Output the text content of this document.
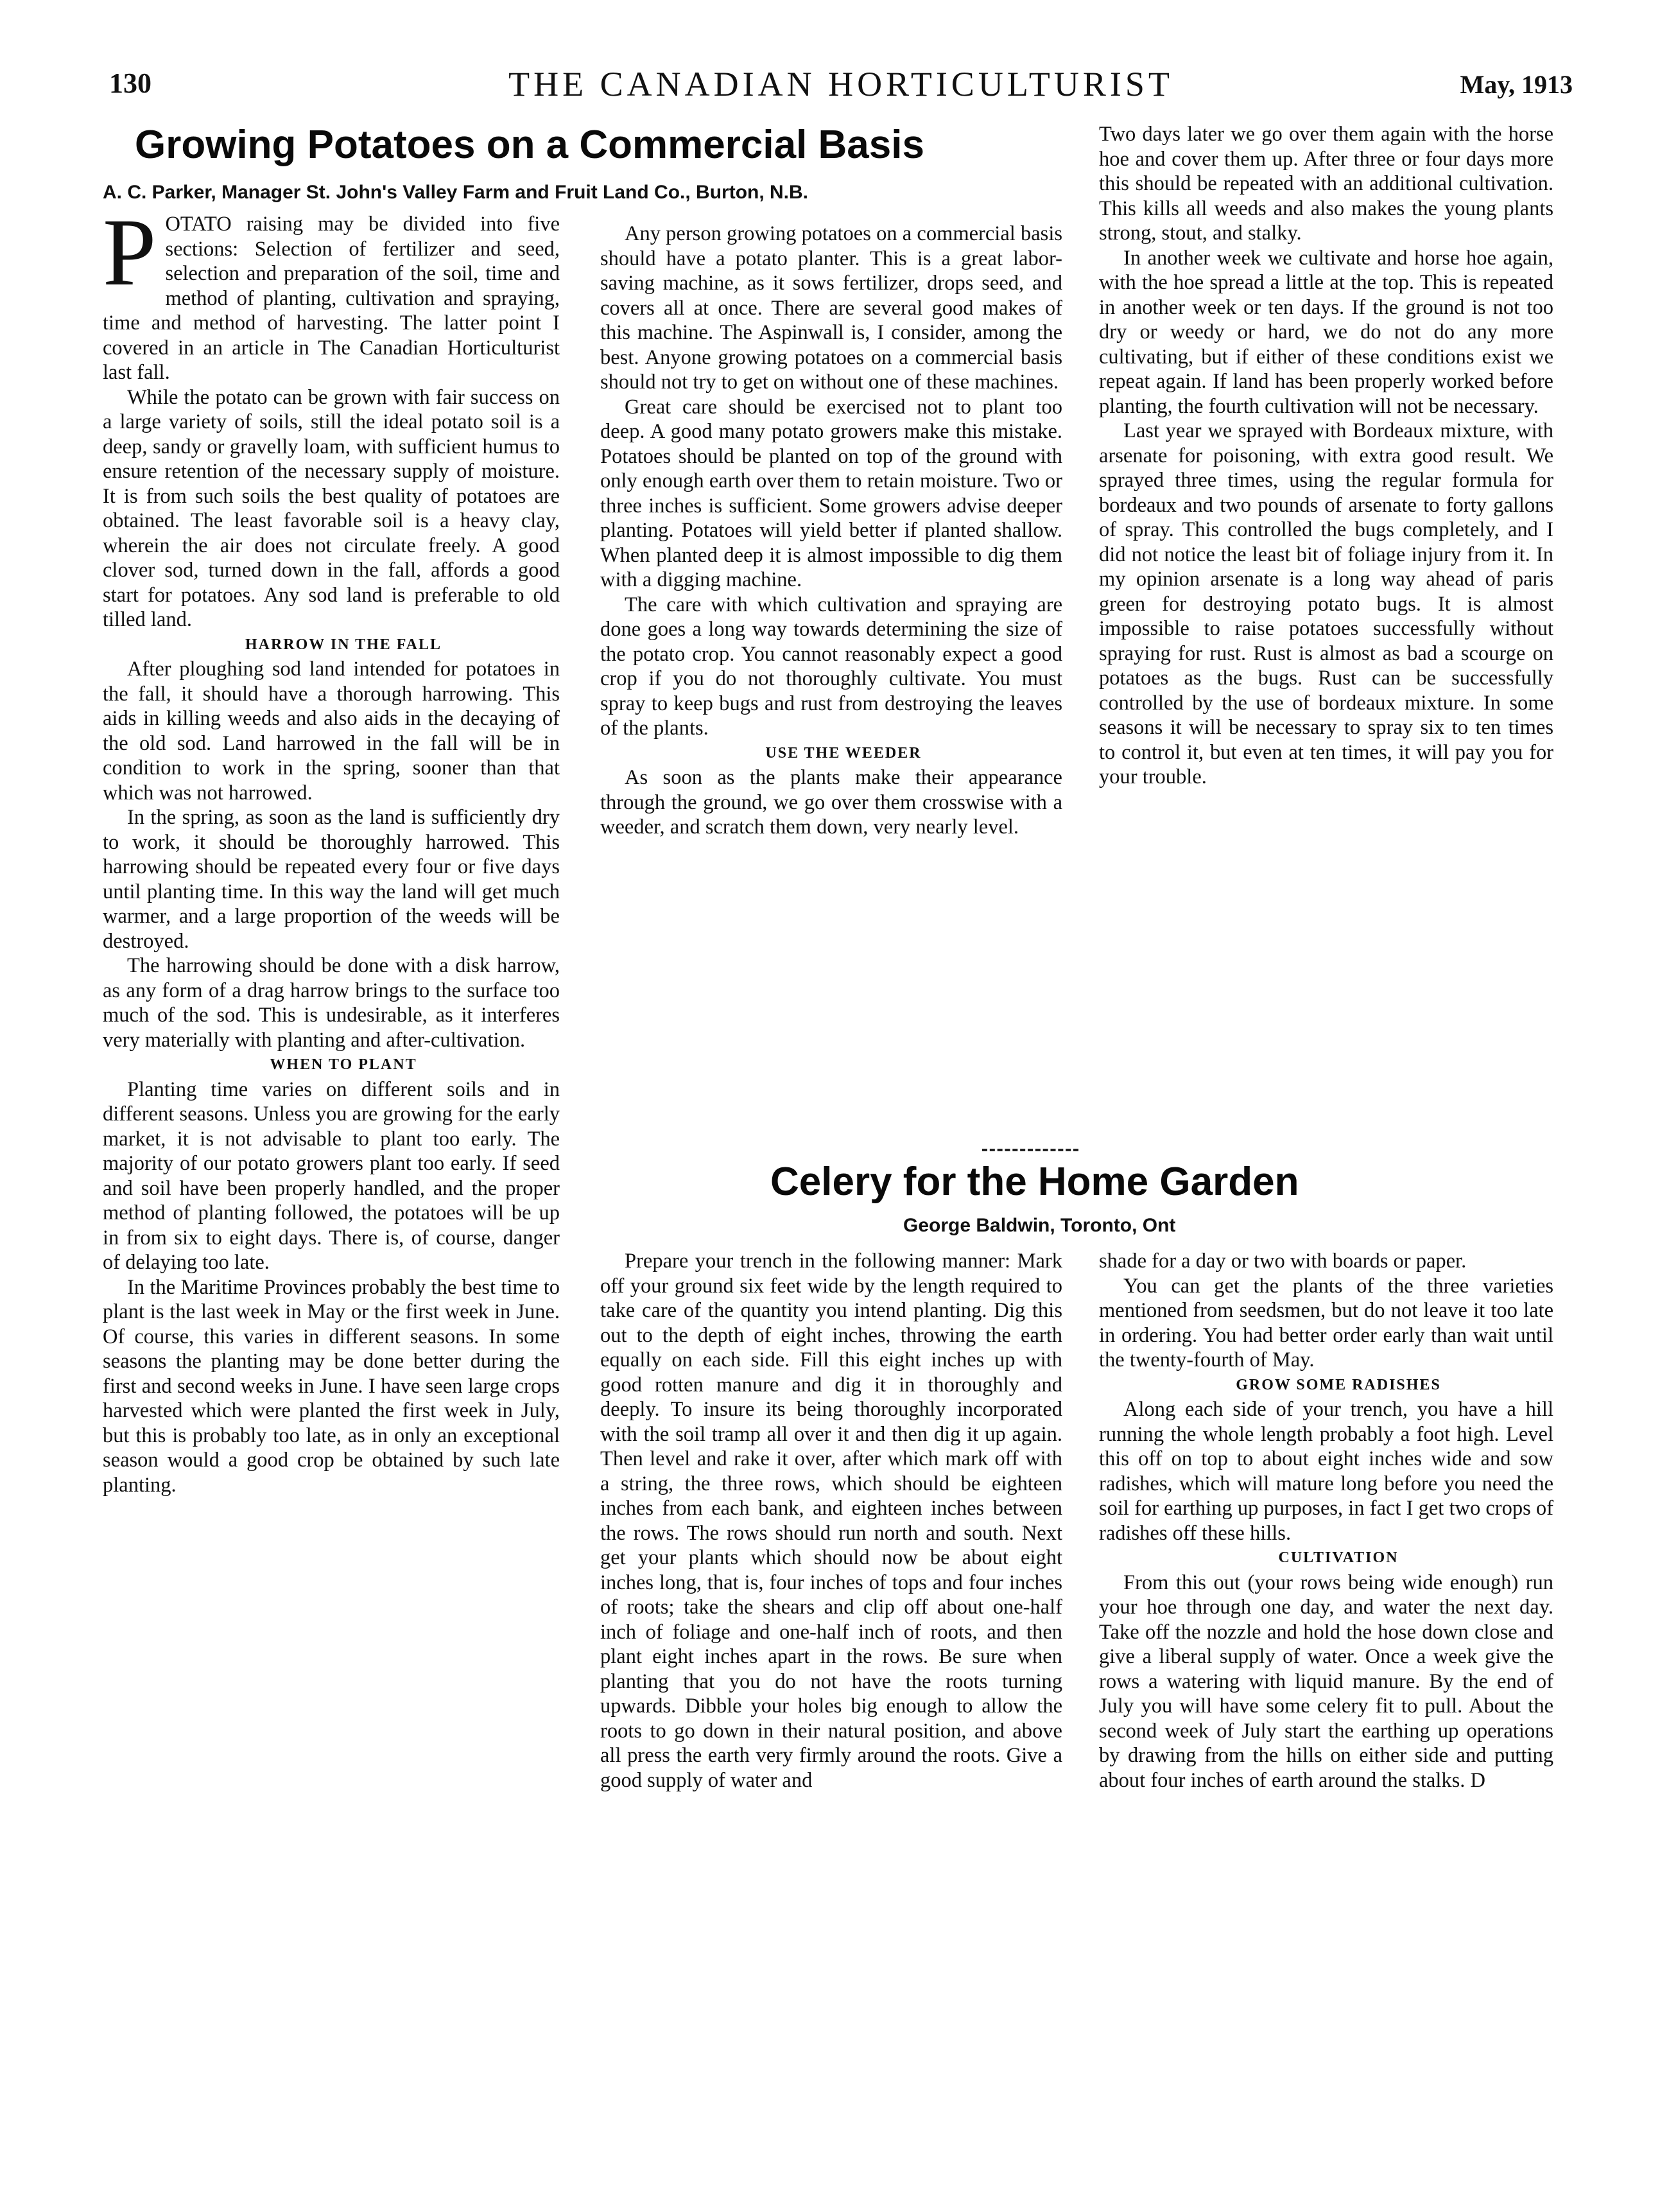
130	THE CANADIAN HORTICULTURIST	May, 1913
Growing Potatoes on a Commercial Basis
A. C. Parker, Manager St. John's Valley Farm and Fruit Land Co., Burton, N.B.

POTATO raising may be divided into five sections: Selection of fertilizer and seed, selection and preparation of the soil, time and method of planting, cultivation and spraying, time and method of harvesting. The latter point I covered in an article in The Canadian Horticulturist last fall.

While the potato can be grown with fair success on a large variety of soils, still the ideal potato soil is a deep, sandy or gravelly loam, with sufficient humus to ensure retention of the necessary supply of moisture. It is from such soils the best quality of potatoes are obtained. The least favorable soil is a heavy clay, wherein the air does not circulate freely. A good clover sod, turned down in the fall, affords a good start for potatoes. Any sod land is preferable to old tilled land.

HARROW IN THE FALL

After ploughing sod land intended for potatoes in the fall, it should have a thorough harrowing. This aids in killing weeds and also aids in the decaying of the old sod. Land harrowed in the fall will be in condition to work in the spring, sooner than that which was not harrowed.

In the spring, as soon as the land is sufficiently dry to work, it should be thoroughly harrowed. This harrowing should be repeated every four or five days until planting time. In this way the land will get much warmer, and a large proportion of the weeds will be destroyed.

The harrowing should be done with a disk harrow, as any form of a drag harrow brings to the surface too much of the sod. This is undesirable, as it interferes very materially with planting and after-cultivation.

WHEN TO PLANT

Planting time varies on different soils and in different seasons. Unless you are growing for the early market, it is not advisable to plant too early. The majority of our potato growers plant too early. If seed and soil have been properly handled, and the proper method of planting followed, the potatoes will be up in from six to eight days. There is, of course, danger of delaying too late.

In the Maritime Provinces probably the best time to plant is the last week in May or the first week in June. Of course, this varies in different seasons. In some seasons the planting may be done better during the first and second weeks in June. I have seen large crops harvested which were planted the first week in July, but this is probably too late, as in only an exceptional season would a good crop be obtained by such late planting.

Any person growing potatoes on a commercial basis should have a potato planter. This is a great labor-saving machine, as it sows fertilizer, drops seed, and covers all at once. There are several good makes of this machine. The Aspinwall is, I consider, among the best. Anyone growing potatoes on a commercial basis should not try to get on without one of these machines.

Great care should be exercised not to plant too deep. A good many potato growers make this mistake. Potatoes should be planted on top of the ground with only enough earth over them to retain moisture. Two or three inches is sufficient. Some growers advise deeper planting. Potatoes will yield better if planted shallow. When planted deep it is almost impossible to dig them with a digging machine.

The care with which cultivation and spraying are done goes a long way towards determining the size of the potato crop. You cannot reasonably expect a good crop if you do not thoroughly cultivate. You must spray to keep bugs and rust from destroying the leaves of the plants.

USE THE WEEDER

As soon as the plants make their appearance through the ground, we go over them crosswise with a weeder, and scratch them down, very nearly level.

Two days later we go over them again with the horse hoe and cover them up. After three or four days more this should be repeated with an additional cultivation. This kills all weeds and also makes the young plants strong, stout, and stalky.

In another week we cultivate and horse hoe again, with the hoe spread a little at the top. This is repeated in another week or ten days. If the ground is not too dry or weedy or hard, we do not do any more cultivating, but if either of these conditions exist we repeat again. If land has been properly worked before planting, the fourth cultivation will not be necessary.

Last year we sprayed with Bordeaux mixture, with arsenate for poisoning, with extra good result. We sprayed three times, using the regular formula for bordeaux and two pounds of arsenate to forty gallons of spray. This controlled the bugs completely, and I did not notice the least bit of foliage injury from it. In my opinion arsenate is a long way ahead of paris green for destroying potato bugs. It is almost impossible to raise potatoes successfully without spraying for rust. Rust is almost as bad a scourge on potatoes as the bugs. Rust can be successfully controlled by the use of bordeaux mixture. In some seasons it will be necessary to spray six to ten times to control it, but even at ten times, it will pay you for your trouble.

Celery for the Home Garden
George Baldwin, Toronto, Ont

Prepare your trench in the following manner: Mark off your ground six feet wide by the length required to take care of the quantity you intend planting. Dig this out to the depth of eight inches, throwing the earth equally on each side. Fill this eight inches up with good rotten manure and dig it in thoroughly and deeply. To insure its being thoroughly incorporated with the soil tramp all over it and then dig it up again. Then level and rake it over, after which mark off with a string, the three rows, which should be eighteen inches from each bank, and eighteen inches between the rows. The rows should run north and south. Next get your plants which should now be about eight inches long, that is, four inches of tops and four inches of roots; take the shears and clip off about one-half inch of foliage and one-half inch of roots, and then plant eight inches apart in the rows. Be sure when planting that you do not have the roots turning upwards. Dibble your holes big enough to allow the roots to go down in their natural position, and above all press the earth very firmly around the roots. Give a good supply of water and

shade for a day or two with boards or paper.

You can get the plants of the three varieties mentioned from seedsmen, but do not leave it too late in ordering. You had better order early than wait until the twenty-fourth of May.

GROW SOME RADISHES

Along each side of your trench, you have a hill running the whole length probably a foot high. Level this off on top to about eight inches wide and sow radishes, which will mature long before you need the soil for earthing up purposes, in fact I get two crops of radishes off these hills.

CULTIVATION

From this out (your rows being wide enough) run your hoe through one day, and water the next day. Take off the nozzle and hold the hose down close and give a liberal supply of water. Once a week give the rows a watering with liquid manure. By the end of July you will have some celery fit to pull. About the second week of July start the earthing up operations by drawing from the hills on either side and putting about four inches of earth around the stalks. D
